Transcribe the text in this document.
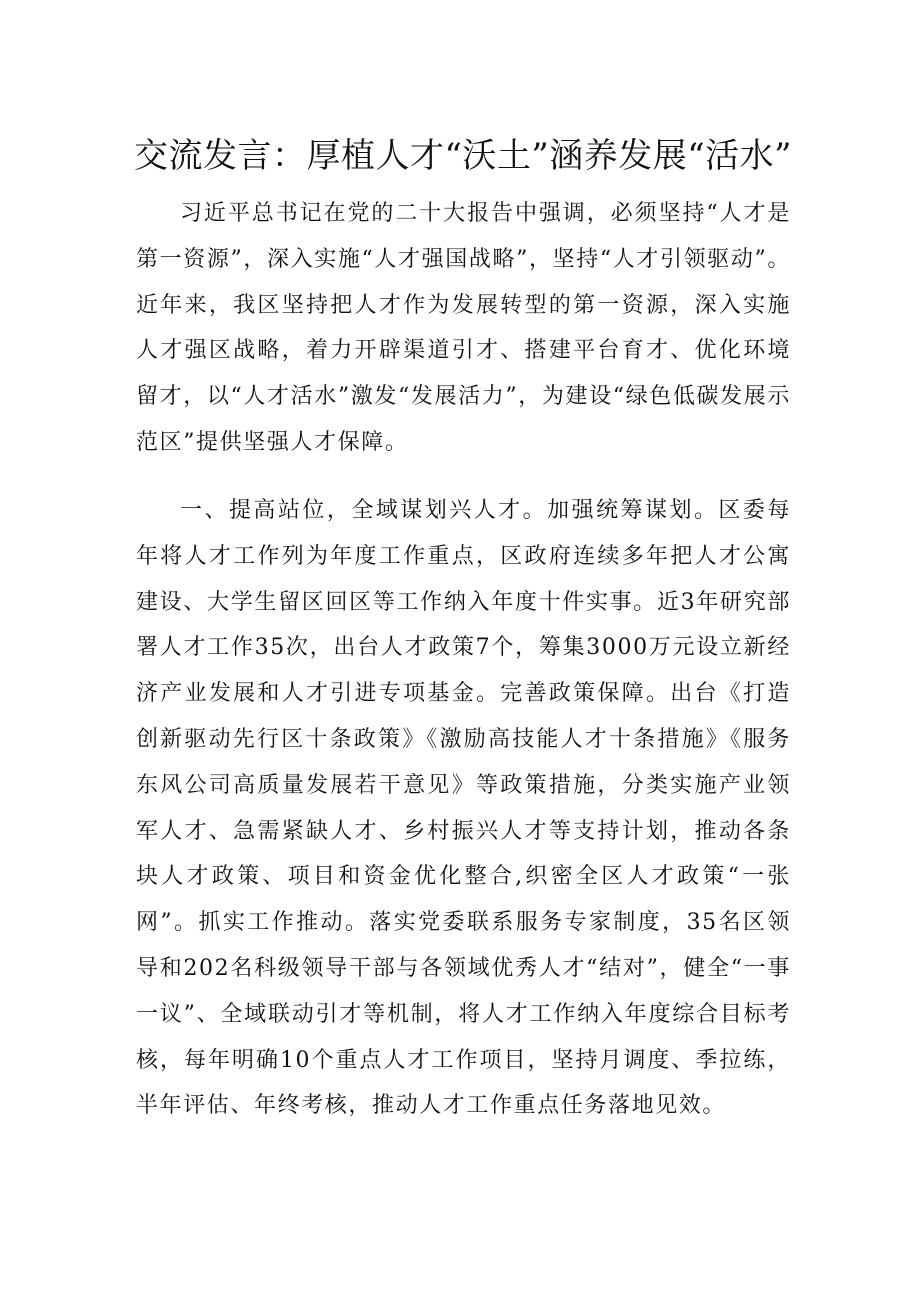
交流发言：厚植人才“沃土”涵养发展“活水”

习近平总书记在党的二十大报告中强调，必须坚持“人才是第一资源”，深入实施“人才强国战略”，坚持“人才引领驱动”。近年来，我区坚持把人才作为发展转型的第一资源，深入实施人才强区战略，着力开辟渠道引才、搭建平台育才、优化环境留才，以“人才活水”激发“发展活力”，为建设“绿色低碳发展示范区”提供坚强人才保障。

一、提高站位，全域谋划兴人才。加强统筹谋划。区委每年将人才工作列为年度工作重点，区政府连续多年把人才公寓建设、大学生留区回区等工作纳入年度十件实事。近3年研究部署人才工作35次，出台人才政策7个，筹集3000万元设立新经济产业发展和人才引进专项基金。完善政策保障。出台《打造创新驱动先行区十条政策》《激励高技能人才十条措施》《服务东风公司高质量发展若干意见》等政策措施，分类实施产业领军人才、急需紧缺人才、乡村振兴人才等支持计划，推动各条块人才政策、项目和资金优化整合,织密全区人才政策“一张网”。抓实工作推动。落实党委联系服务专家制度，35名区领导和202名科级领导干部与各领域优秀人才“结对”，健全“一事一议”、全域联动引才等机制，将人才工作纳入年度综合目标考核，每年明确10个重点人才工作项目，坚持月调度、季拉练，半年评估、年终考核，推动人才工作重点任务落地见效。
